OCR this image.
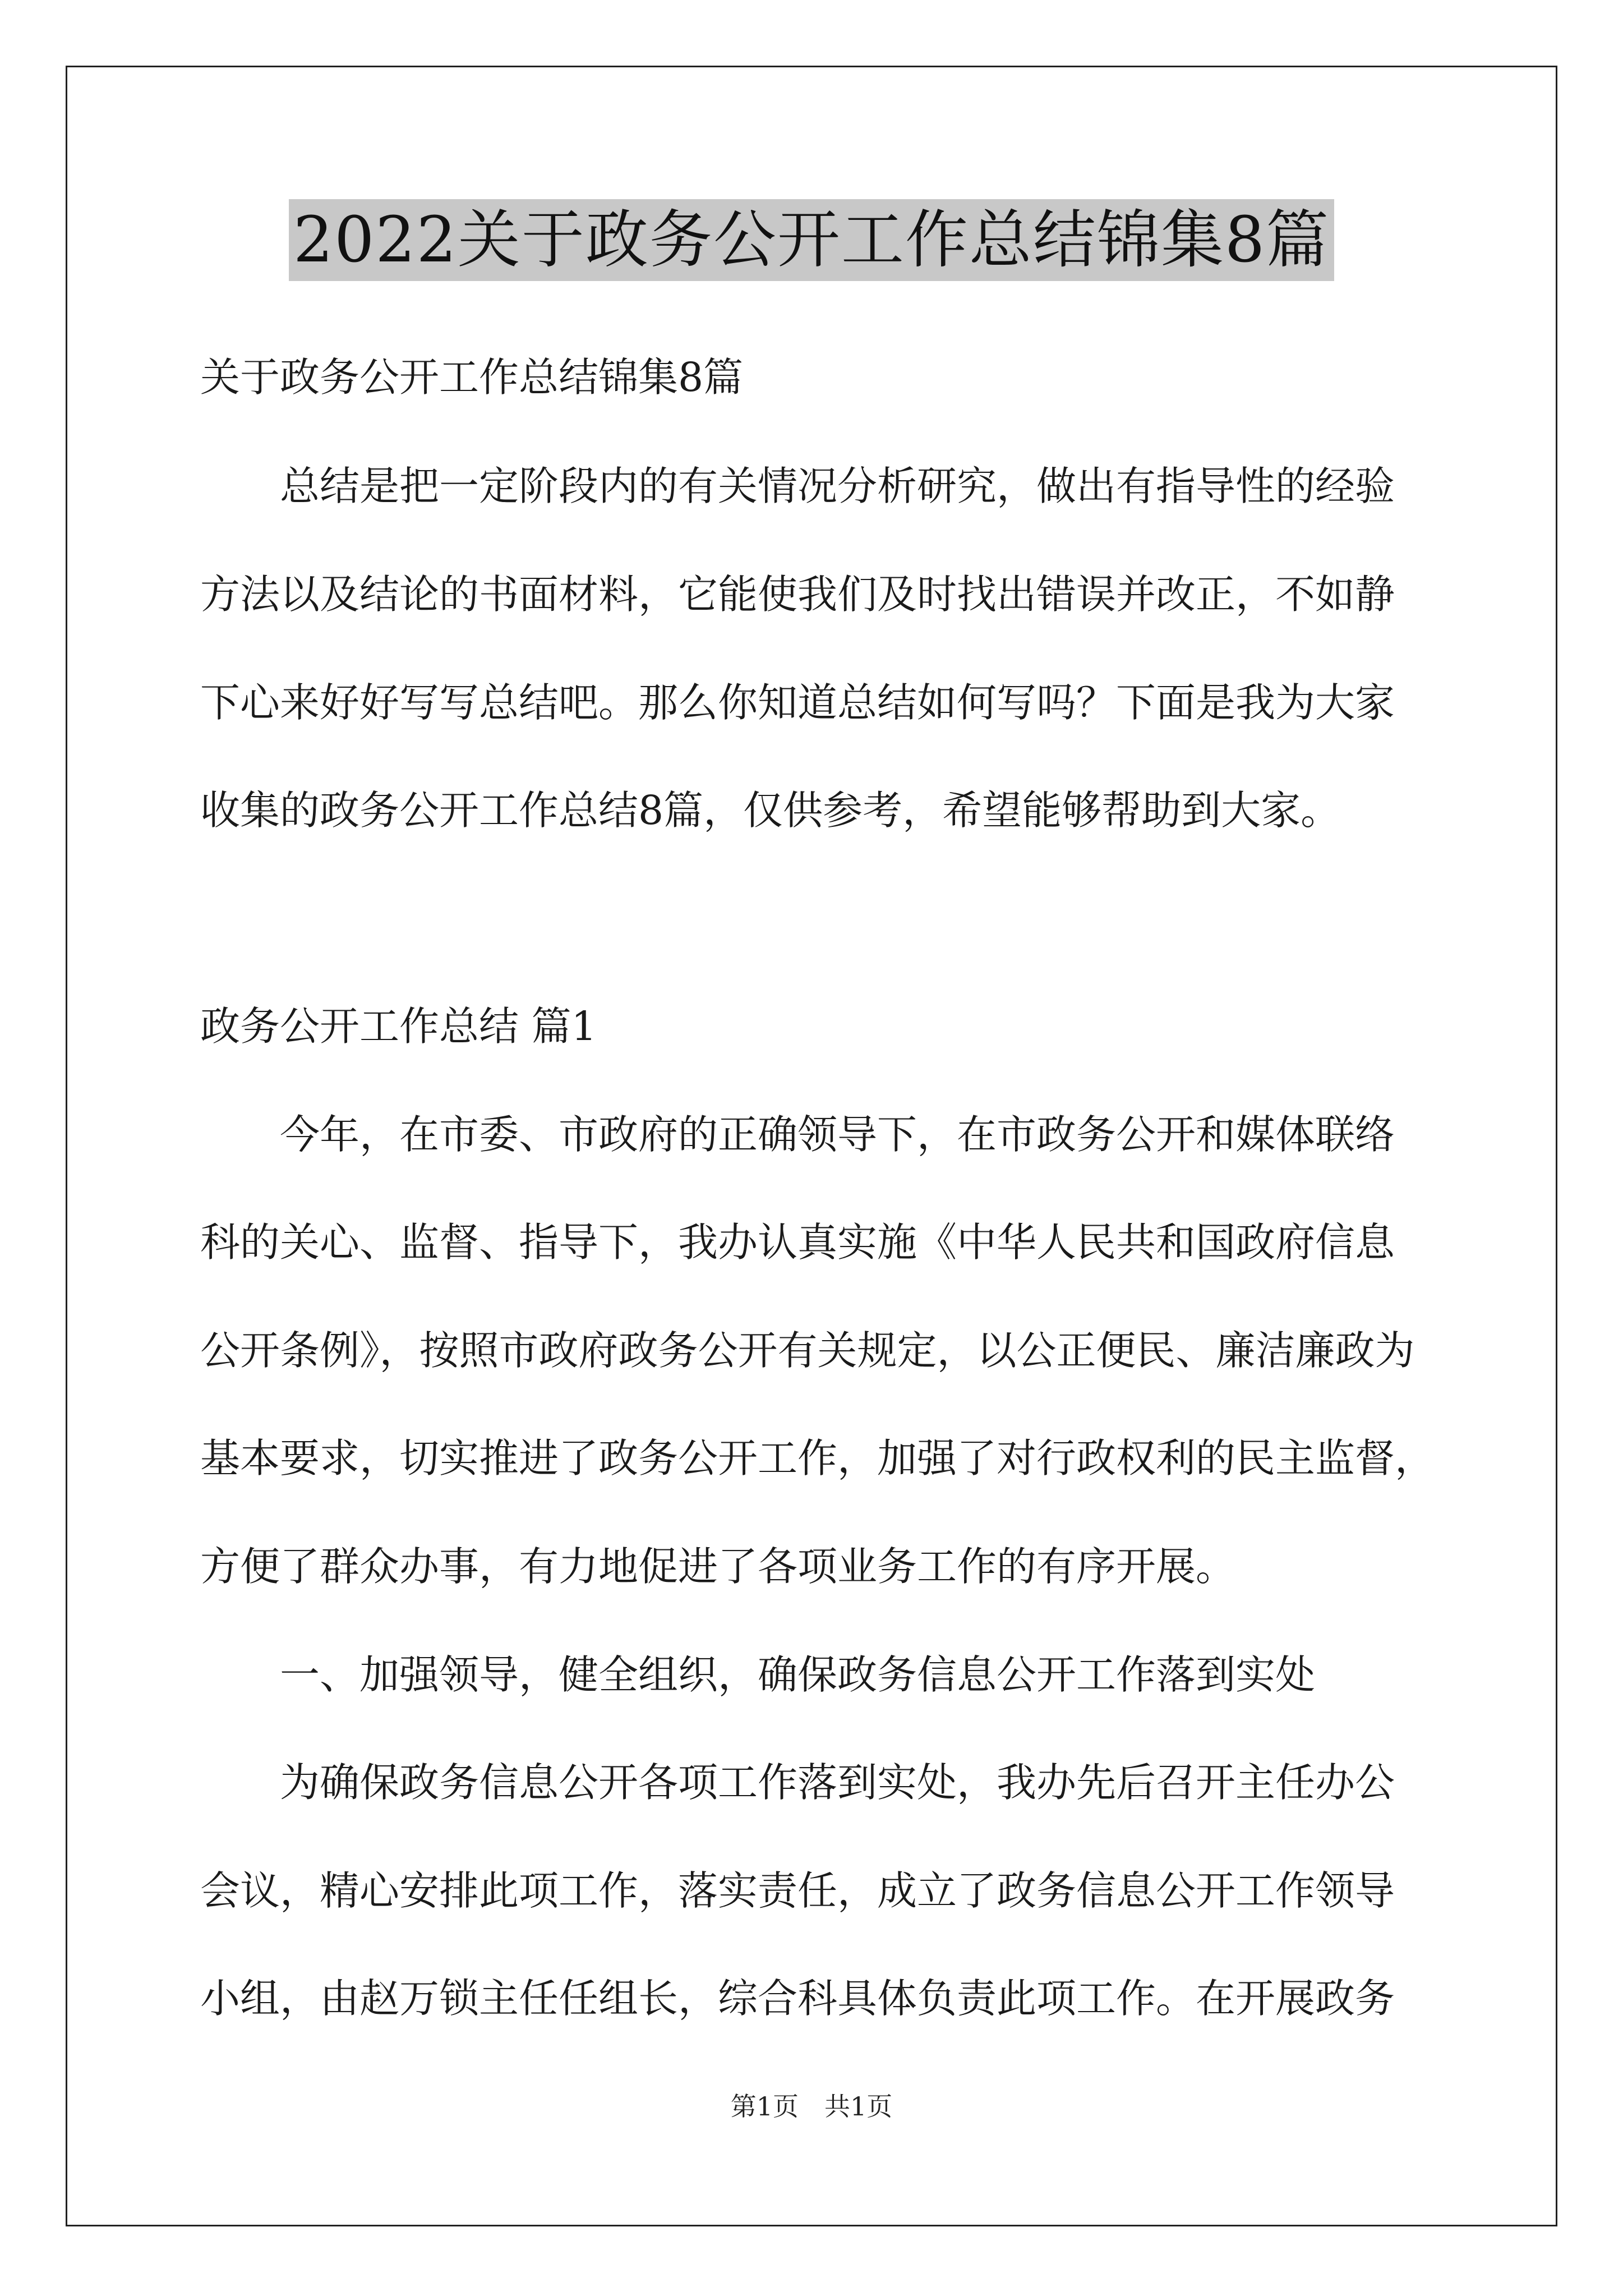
2022关于政务公开工作总结锦集8篇
关于政务公开工作总结锦集8篇
　　总结是把一定阶段内的有关情况分析研究，做出有指导性的经验
方法以及结论的书面材料，它能使我们及时找出错误并改正，不如静
下心来好好写写总结吧。那么你知道总结如何写吗？下面是我为大家
收集的政务公开工作总结8篇，仅供参考，希望能够帮助到大家。
政务公开工作总结 篇1
　　今年，在市委、市政府的正确领导下，在市政务公开和媒体联络
科的关心、监督、指导下，我办认真实施《中华人民共和国政府信息
公开条例》，按照市政府政务公开有关规定，以公正便民、廉洁廉政为
基本要求，切实推进了政务公开工作，加强了对行政权利的民主监督，
方便了群众办事，有力地促进了各项业务工作的有序开展。
　　一、加强领导，健全组织，确保政务信息公开工作落到实处
　　为确保政务信息公开各项工作落到实处，我办先后召开主任办公
会议，精心安排此项工作，落实责任，成立了政务信息公开工作领导
小组，由赵万锁主任任组长，综合科具体负责此项工作。在开展政务
第1页　共1页
